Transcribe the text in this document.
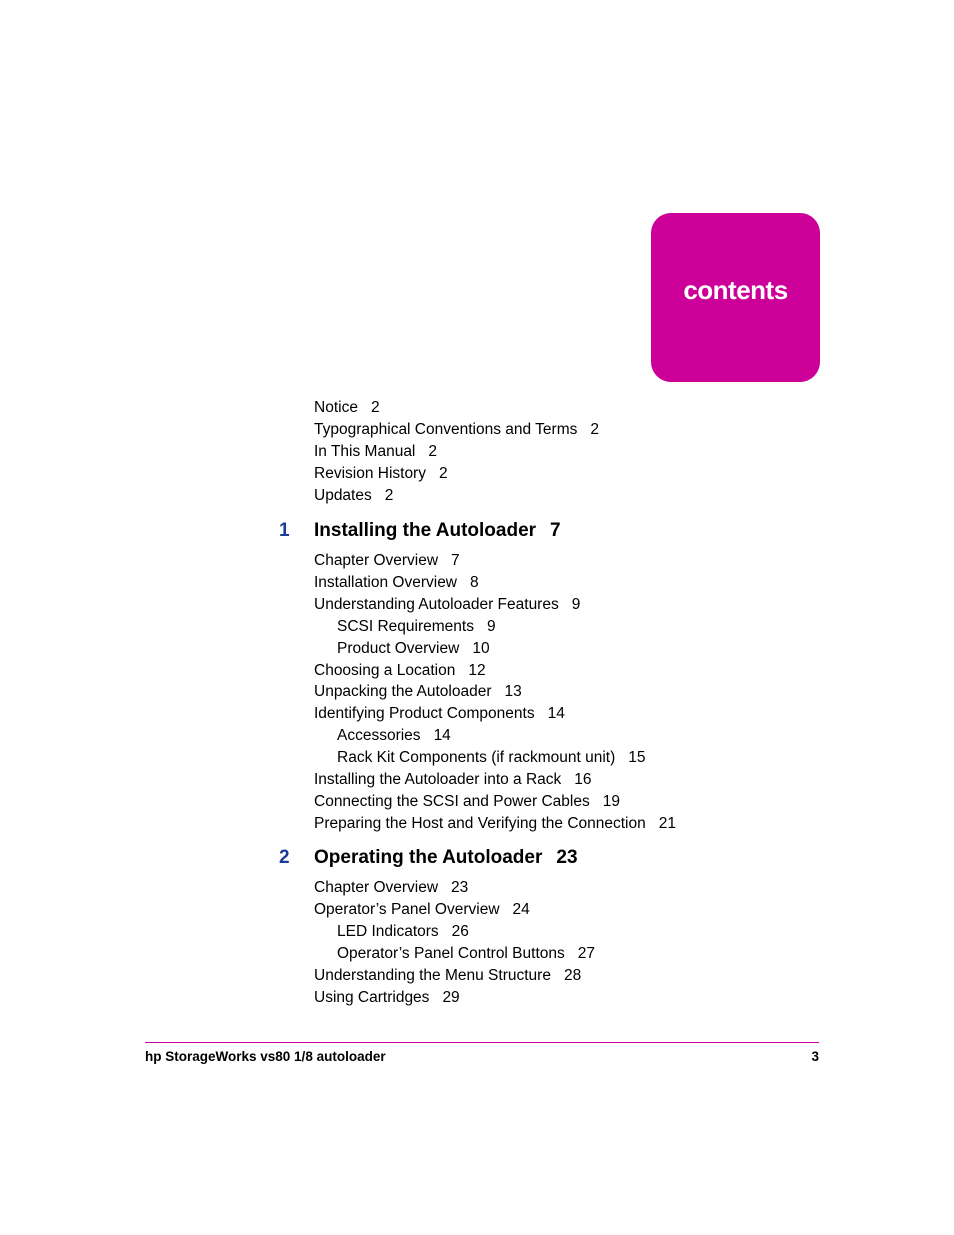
contents
Notice 2
Typographical Conventions and Terms 2
In This Manual 2
Revision History 2
Updates 2
1 Installing the Autoloader 7
Chapter Overview 7
Installation Overview 8
Understanding Autoloader Features 9
SCSI Requirements 9
Product Overview 10
Choosing a Location 12
Unpacking the Autoloader 13
Identifying Product Components 14
Accessories 14
Rack Kit Components (if rackmount unit) 15
Installing the Autoloader into a Rack 16
Connecting the SCSI and Power Cables 19
Preparing the Host and Verifying the Connection 21
2 Operating the Autoloader 23
Chapter Overview 23
Operator’s Panel Overview 24
LED Indicators 26
Operator’s Panel Control Buttons 27
Understanding the Menu Structure 28
Using Cartridges 29
hp StorageWorks vs80 1/8 autoloader	3
